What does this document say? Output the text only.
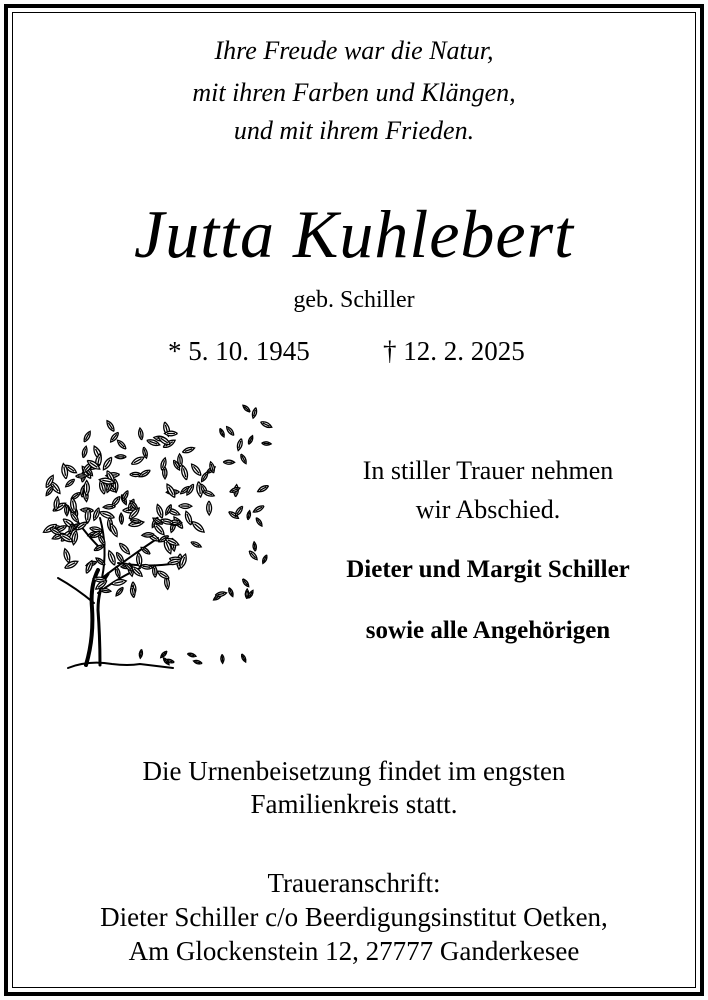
Ihre Freude war die Natur,
mit ihren Farben und Klängen,
und mit ihrem Frieden.
Jutta Kuhlebert
geb. Schiller
* 5. 10. 1945	† 12. 2. 2025
In stiller Trauer nehmen
wir Abschied.
Dieter und Margit Schiller
sowie alle Angehörigen
Die Urnenbeisetzung findet im engsten
Familienkreis statt.
Traueranschrift:
Dieter Schiller c/o Beerdigungsinstitut Oetken,
Am Glockenstein 12, 27777 Ganderkesee
